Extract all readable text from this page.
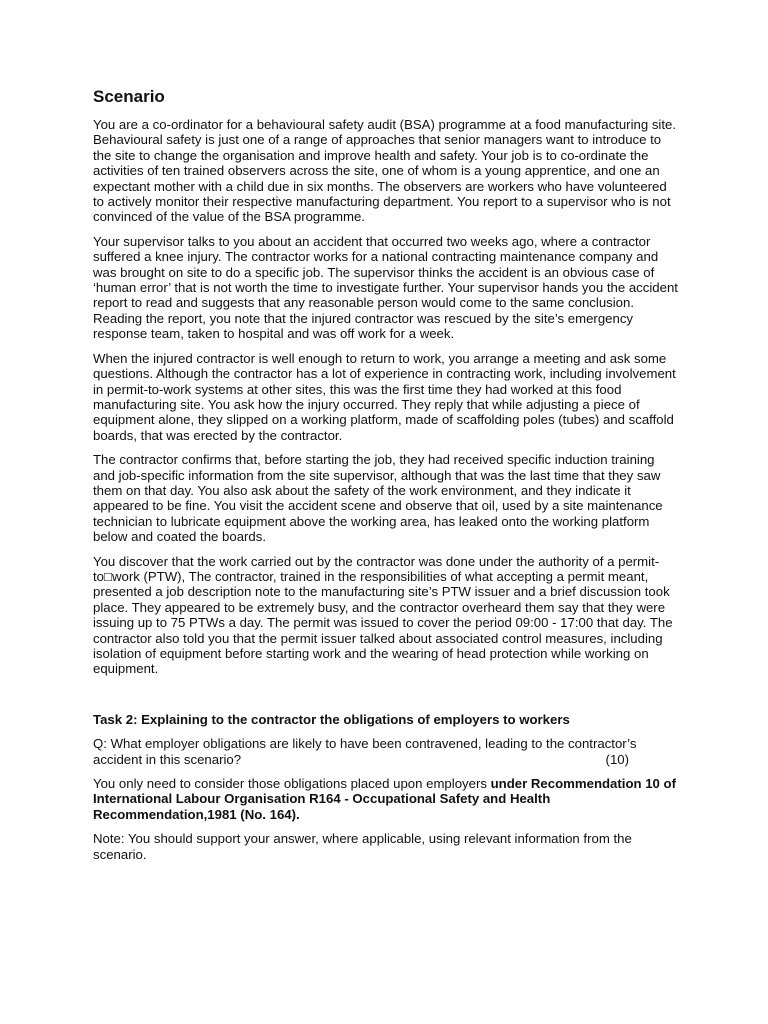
Scenario

You are a co-ordinator for a behavioural safety audit (BSA) programme at a food manufacturing site. Behavioural safety is just one of a range of approaches that senior managers want to introduce to the site to change the organisation and improve health and safety. Your job is to co-ordinate the activities of ten trained observers across the site, one of whom is a young apprentice, and one an expectant mother with a child due in six months. The observers are workers who have volunteered to actively monitor their respective manufacturing department. You report to a supervisor who is not convinced of the value of the BSA programme.

Your supervisor talks to you about an accident that occurred two weeks ago, where a contractor suffered a knee injury. The contractor works for a national contracting maintenance company and was brought on site to do a specific job. The supervisor thinks the accident is an obvious case of ‘human error’ that is not worth the time to investigate further. Your supervisor hands you the accident report to read and suggests that any reasonable person would come to the same conclusion. Reading the report, you note that the injured contractor was rescued by the site’s emergency response team, taken to hospital and was off work for a week.

When the injured contractor is well enough to return to work, you arrange a meeting and ask some questions. Although the contractor has a lot of experience in contracting work, including involvement in permit-to-work systems at other sites, this was the first time they had worked at this food manufacturing site. You ask how the injury occurred. They reply that while adjusting a piece of equipment alone, they slipped on a working platform, made of scaffolding poles (tubes) and scaffold boards, that was erected by the contractor.

The contractor confirms that, before starting the job, they had received specific induction training and job-specific information from the site supervisor, although that was the last time that they saw them on that day. You also ask about the safety of the work environment, and they indicate it appeared to be fine. You visit the accident scene and observe that oil, used by a site maintenance technician to lubricate equipment above the working area, has leaked onto the working platform below and coated the boards.

You discover that the work carried out by the contractor was done under the authority of a permit-to□work (PTW), The contractor, trained in the responsibilities of what accepting a permit meant, presented a job description note to the manufacturing site’s PTW issuer and a brief discussion took place. They appeared to be extremely busy, and the contractor overheard them say that they were issuing up to 75 PTWs a day. The permit was issued to cover the period 09:00 - 17:00 that day. The contractor also told you that the permit issuer talked about associated control measures, including isolation of equipment before starting work and the wearing of head protection while working on equipment.

Task 2: Explaining to the contractor the obligations of employers to workers

Q: What employer obligations are likely to have been contravened, leading to the contractor’s accident in this scenario?	(10)

You only need to consider those obligations placed upon employers under Recommendation 10 of International Labour Organisation R164 - Occupational Safety and Health Recommendation,1981 (No. 164).

Note: You should support your answer, where applicable, using relevant information from the scenario.
